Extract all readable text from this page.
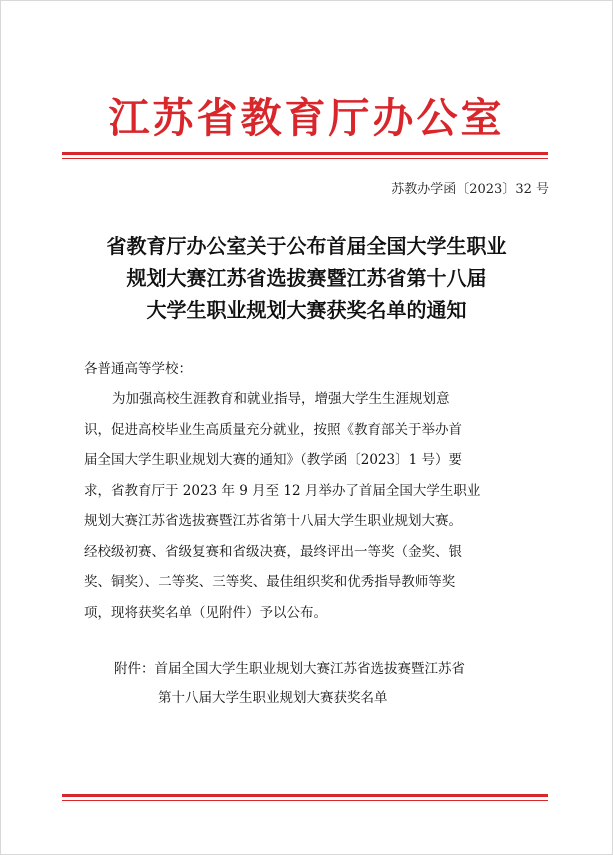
江苏省教育厅办公室
苏教办学函〔2023〕32 号
省教育厅办公室关于公布首届全国大学生职业
规划大赛江苏省选拔赛暨江苏省第十八届
大学生职业规划大赛获奖名单的通知
各普通高等学校：
为加强高校生涯教育和就业指导，增强大学生生涯规划意
识，促进高校毕业生高质量充分就业，按照《教育部关于举办首
届全国大学生职业规划大赛的通知》（教学函〔2023〕1 号）要
求，省教育厅于 2023 年 9 月至 12 月举办了首届全国大学生职业
规划大赛江苏省选拔赛暨江苏省第十八届大学生职业规划大赛。
经校级初赛、省级复赛和省级决赛，最终评出一等奖（金奖、银
奖、铜奖）、二等奖、三等奖、最佳组织奖和优秀指导教师等奖
项，现将获奖名单（见附件）予以公布。
附件：首届全国大学生职业规划大赛江苏省选拔赛暨江苏省
第十八届大学生职业规划大赛获奖名单
